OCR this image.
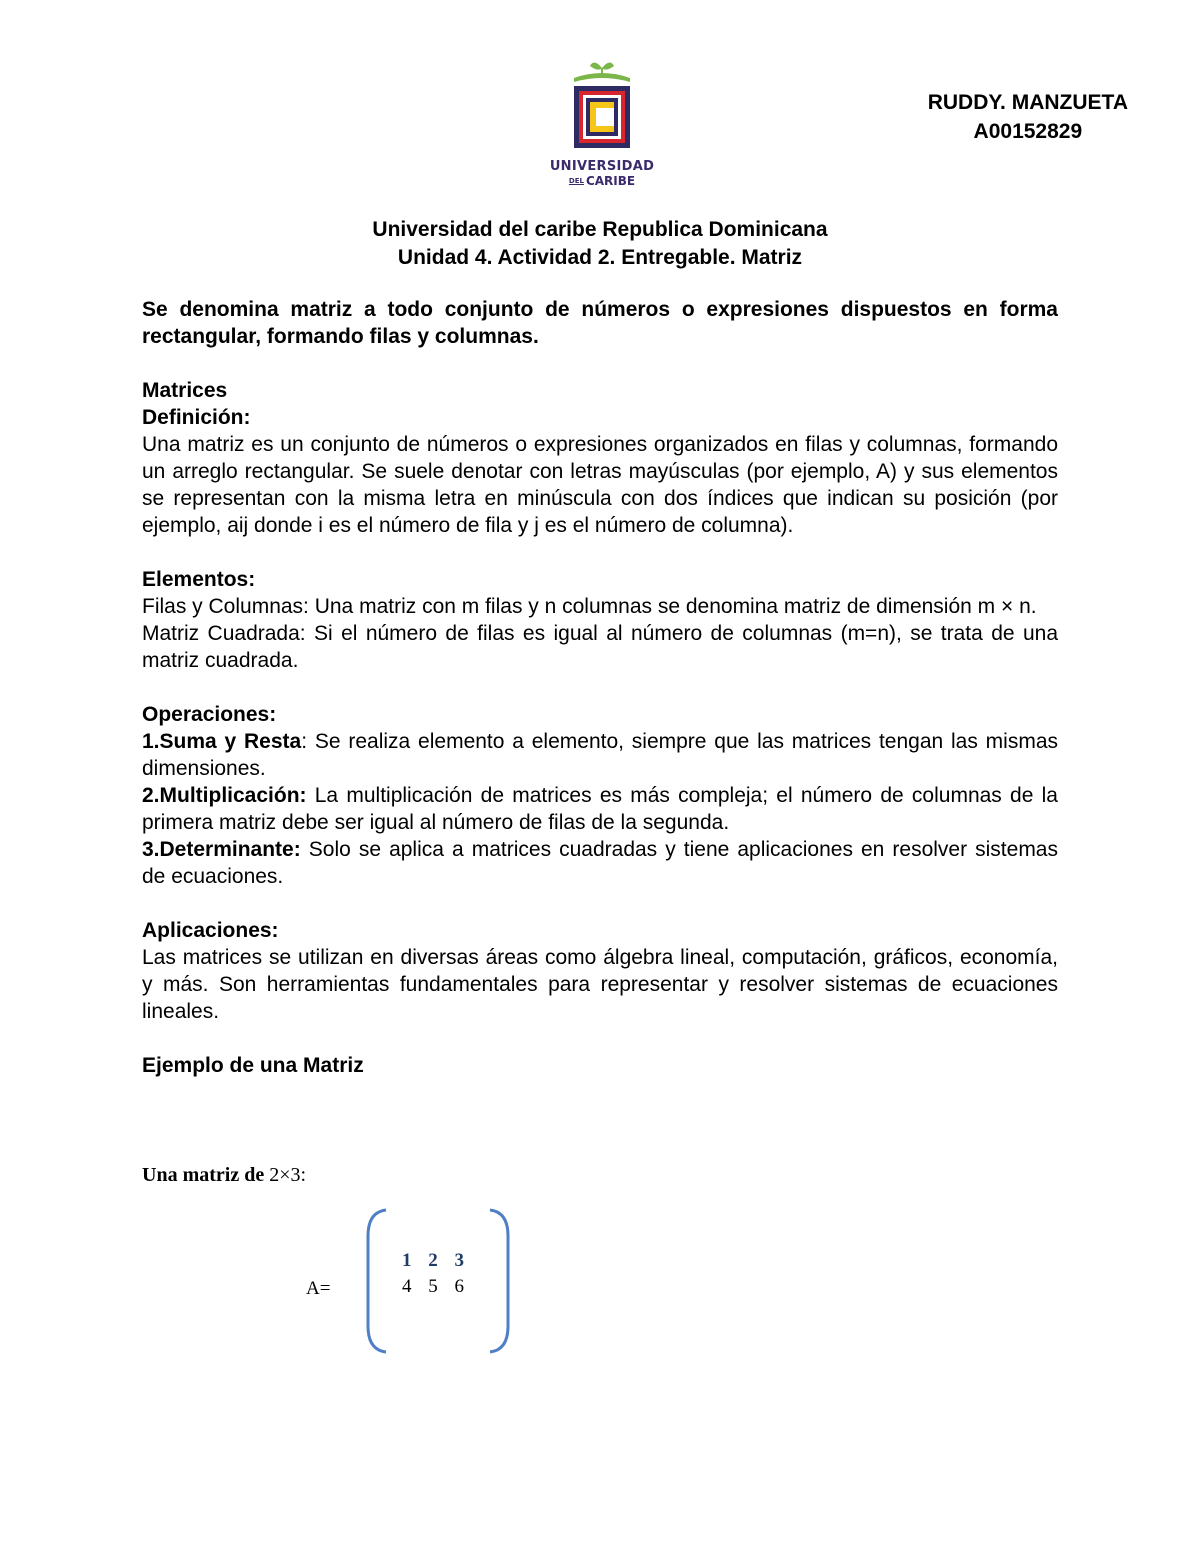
UNIVERSIDAD
DEL CARIBE
RUDDY. MANZUETA
A00152829
Universidad del caribe Republica Dominicana
Unidad 4. Actividad 2. Entregable. Matriz

Se denomina matriz a todo conjunto de números o expresiones dispuestos en forma rectangular, formando filas y columnas.

Matrices

Definición:

Una matriz es un conjunto de números o expresiones organizados en filas y columnas, formando un arreglo rectangular. Se suele denotar con letras mayúsculas (por ejemplo, A) y sus elementos se representan con la misma letra en minúscula con dos índices que indican su posición (por ejemplo, aij donde i es el número de fila y j es el número de columna).

Elementos:

Filas y Columnas: Una matriz con m filas y n columnas se denomina matriz de dimensión m × n.

Matriz Cuadrada: Si el número de filas es igual al número de columnas (m=n), se trata de una matriz cuadrada.

Operaciones:

1.Suma y Resta: Se realiza elemento a elemento, siempre que las matrices tengan las mismas dimensiones.

2.Multiplicación: La multiplicación de matrices es más compleja; el número de columnas de la primera matriz debe ser igual al número de filas de la segunda.

3.Determinante: Solo se aplica a matrices cuadradas y tiene aplicaciones en resolver sistemas de ecuaciones.

Aplicaciones:

Las matrices se utilizan en diversas áreas como álgebra lineal, computación, gráficos, economía, y más. Son herramientas fundamentales para representar y resolver sistemas de ecuaciones lineales.

Ejemplo de una Matriz

Una matriz de 2×3:
A=
1 2 3
4 5 6
